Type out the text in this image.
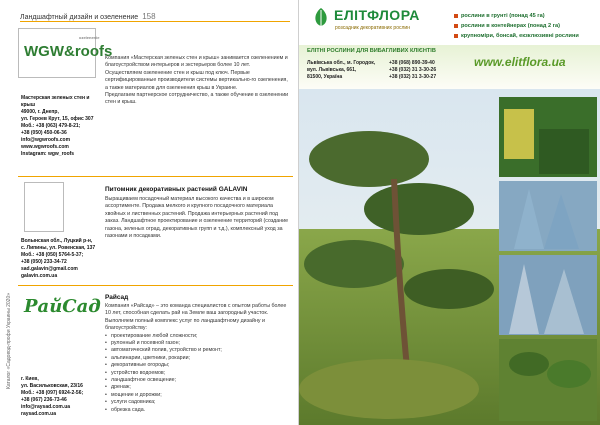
Ландшафтный дизайн и озеленение 158
Каталог «Садовод-профи Украины 2020»
WGW&roofs
ozelenenie
Мастерская зеленых стен и крыш
49000, г. Днепр,
ул. Героев Крут, 15, офис 307
Моб.: +38 (063) 479-8-21;
+38 (050) 450-06-36
info@wgwroofs.com
www.wgwroofs.com
Instagram: wgw_roofs

Компания «Мастерская зеленых стен и крыш» занимается озеленением и благоустройством интерьеров и экстерьеров более 10 лет.

Осуществляем озеленение стен и крыш под ключ. Первые сертифицированные производители системы вертикально-го озеленения, а также материалов для озеленения крыш в Украине.

Предлагаем партнерское сотрудничество, а также обучение в озеленении стен и крыш.

GALAVIN
Питомник декоративных растений GALAVIN
Выращиваем посадочный материал высокого качества и в широком ассортименте. Продажа мелкого и крупного посадочного материала хвойных и лиственных растений. Продажа интерьерных растений под заказ. Ландшафтное проектирование и озеленение территорий (создание газона, зеленых оград, декоративных групп и т.д.), комплексный уход за газонами и посадками.
Волынская обл., Луцкий р-н,
с. Липины, ул. Ровенская, 137
Моб.: +38 (050) 5764-5-37;
+38 (050) 233-34-72
sad.galavin@gmail.com
galavin.com.ua
РайСад Райсад

Компания «Райсад» – это команда специалистов с опытом работы более 10 лет, способная сделать рай на Земле ваш загородный участок. Выполняем полный комплекс услуг по ландшафтному дизайну и благоустройству:

• проектирование любой сложности;
• рулонный и посевной газон;
• автоматический полив, устройство и ремонт;
• альпинарии, цветники, рокарии;
• декоративные огороды;
• устройство водоемов;
• ландшафтное освещение;
• дренаж;
• мощение и дорожки;
• услуги садовника;
• обрезка сада.
г. Киев,
ул. Васильковская, 23/16
Моб.: +38 (097) 6924-2-56;
+38 (067) 236-73-46
info@raysad.com.ua
raysad.com.ua
ЕЛІТФЛОРА
розсадник декоративних рослин
рослини в грунті (понад 45 га)
рослини в контейнерах (понад 2 га)
крупноміри, бонсай, екзклюзивні рослини
ЕЛІТНІ РОСЛИНИ ДЛЯ ВИБАГЛИВИХ КЛІЄНТІВ
Львівська обл., м. Городок,
вул. Львівська, 661,
81500, Україна
+38 (068) 890-39-40
+38 (032) 31 3-30-26
+38 (032) 31 3-30-27
www.elitflora.ua
